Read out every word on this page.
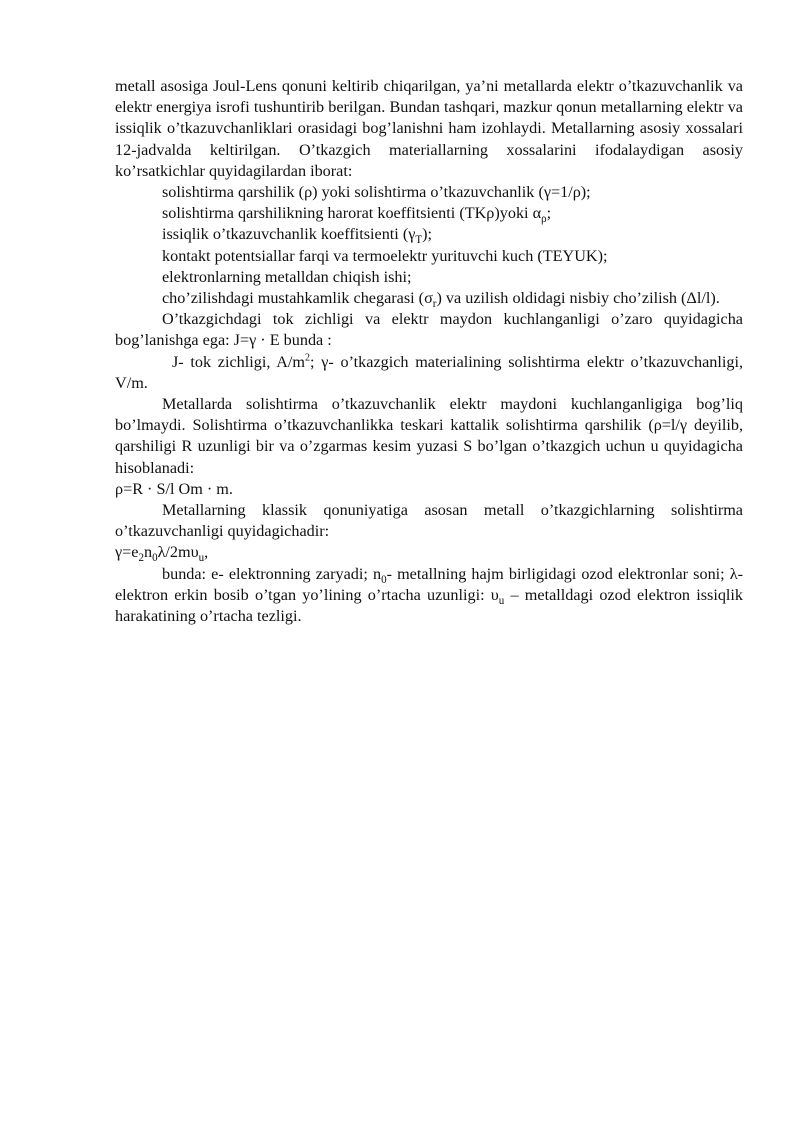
metall asosiga Joul-Lens qonuni keltirib chiqarilgan, ya’ni metallarda elektr o’tkazuvchanlik va elektr energiya isrofi tushuntirib berilgan. Bundan tashqari, mazkur qonun metallarning elektr va issiqlik o’tkazuvchanliklari orasidagi bog’lanishni ham izohlaydi. Metallarning asosiy xossalari 12-jadvalda keltirilgan. O’tkazgich materiallarning xossalarini ifodalaydigan asosiy ko’rsatkichlar quyidagilardan iborat:

solishtirma qarshilik (ρ) yoki solishtirma o’tkazuvchanlik (γ=1/ρ);

solishtirma qarshilikning harorat koeffitsienti (TKρ)yoki $\alpha_\rho$;

issiqlik o’tkazuvchanlik koeffitsienti $(\gamma_T)$;

kontakt potentsiallar farqi va termoelektr yurituvchi kuch (TEYUK);

elektronlarning metalldan chiqish ishi;

cho’zilishdagi mustahkamlik chegarasi $(\sigma_r)$ va uzilish oldidagi nisbiy cho’zilish (Δl/l).

O’tkazgichdagi tok zichligi va elektr maydon kuchlanganligi o’zaro quyidagicha bog’lanishga ega: J=γ · E bunda :

J- tok zichligi, $A/m^2$; γ- o’tkazgich materialining solishtirma elektr o’tkazuvchanligi, V/m.

Metallarda solishtirma o’tkazuvchanlik elektr maydoni kuchlanganligiga bog’liq bo’lmaydi. Solishtirma o’tkazuvchanlikka teskari kattalik solishtirma qarshilik (ρ=l/γ deyilib, qarshiligi R uzunligi bir va o’zgarmas kesim yuzasi S bo’lgan o’tkazgich uchun u quyidagicha hisoblanadi:

ρ=R · S/l Om · m.

Metallarning klassik qonuniyatiga asosan metall o’tkazgichlarning solishtirma o’tkazuvchanligi quyidagichadir:

$\gamma=e_2n_0\lambda/2m\upsilon_u$,

bunda: e- elektronning zaryadi; $n_0-$ metallning hajm birligidagi ozod elektronlar soni; λ- elektron erkin bosib o’tgan yo’lining o’rtacha uzunligi: $\upsilon_u$ – metalldagi ozod elektron issiqlik harakatining o’rtacha tezligi.
